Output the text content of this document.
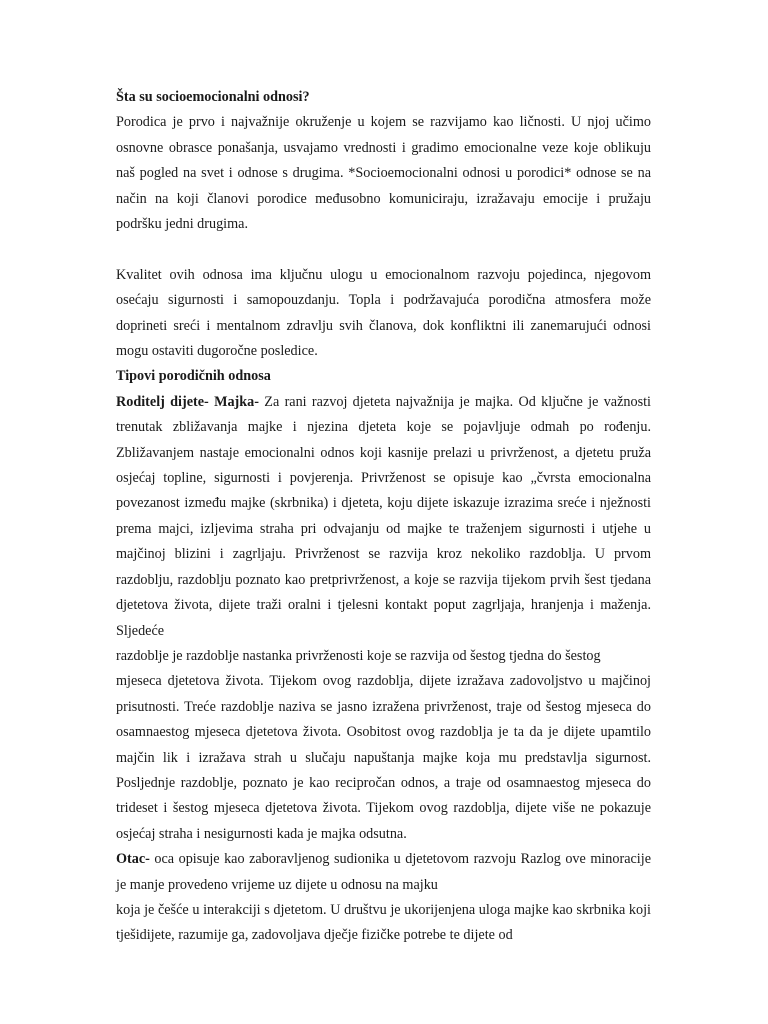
Šta su socioemocionalni odnosi?

Porodica je prvo i najvažnije okruženje u kojem se razvijamo kao ličnosti. U njoj učimo osnovne obrasce ponašanja, usvajamo vrednosti i gradimo emocionalne veze koje oblikuju naš pogled na svet i odnose s drugima. *Socioemocionalni odnosi u porodici* odnose se na način na koji članovi porodice međusobno komuniciraju, izražavaju emocije i pružaju podršku jedni drugima.

Kvalitet ovih odnosa ima ključnu ulogu u emocionalnom razvoju pojedinca, njegovom osećaju sigurnosti i samopouzdanju. Topla i podržavajuća porodična atmosfera može doprineti sreći i mentalnom zdravlju svih članova, dok konfliktni ili zanemarujući odnosi mogu ostaviti dugoročne posledice.

Tipovi porodičnih odnosa

Roditelj dijete- Majka- Za rani razvoj djeteta najvažnija je majka. Od ključne je važnosti trenutak zbližavanja majke i njezina djeteta koje se pojavljuje odmah po rođenju. Zbližavanjem nastaje emocionalni odnos koji kasnije prelazi u privrženost, a djetetu pruža osjećaj topline, sigurnosti i povjerenja. Privrženost se opisuje kao „čvrsta emocionalna povezanost između majke (skrbnika) i djeteta, koju dijete iskazuje izrazima sreće i nježnosti prema majci, izljevima straha pri odvajanju od majke te traženjem sigurnosti i utjehe u majčinoj blizini i zagrljaju. Privrženost se razvija kroz nekoliko razdoblja. U prvom razdoblju, razdoblju poznato kao pretprivrženost, a koje se razvija tijekom prvih šest tjedana djetetova života, dijete traži oralni i tjelesni kontakt poput zagrljaja, hranjenja i maženja. Sljedeće

razdoblje je razdoblje nastanka privrženosti koje se razvija od šestog tjedna do šestog

mjeseca djetetova života. Tijekom ovog razdoblja, dijete izražava zadovoljstvo u majčinoj prisutnosti. Treće razdoblje naziva se jasno izražena privrženost, traje od šestog mjeseca do osamnaestog mjeseca djetetova života. Osobitost ovog razdoblja je ta da je dijete upamtilo majčin lik i izražava strah u slučaju napuštanja majke koja mu predstavlja sigurnost. Posljednje razdoblje, poznato je kao recipročan odnos, a traje od osamnaestog mjeseca do trideset i šestog mjeseca djetetova života. Tijekom ovog razdoblja, dijete više ne pokazuje osjećaj straha i nesigurnosti kada je majka odsutna.

Otac- oca opisuje kao zaboravljenog sudionika u djetetovom razvoju Razlog ove minoracije je manje provedeno vrijeme uz dijete u odnosu na majku

koja je češće u interakciji s djetetom. U društvu je ukorijenjena uloga majke kao skrbnika koji tješidijete, razumije ga, zadovoljava dječje fizičke potrebe te dijete od
